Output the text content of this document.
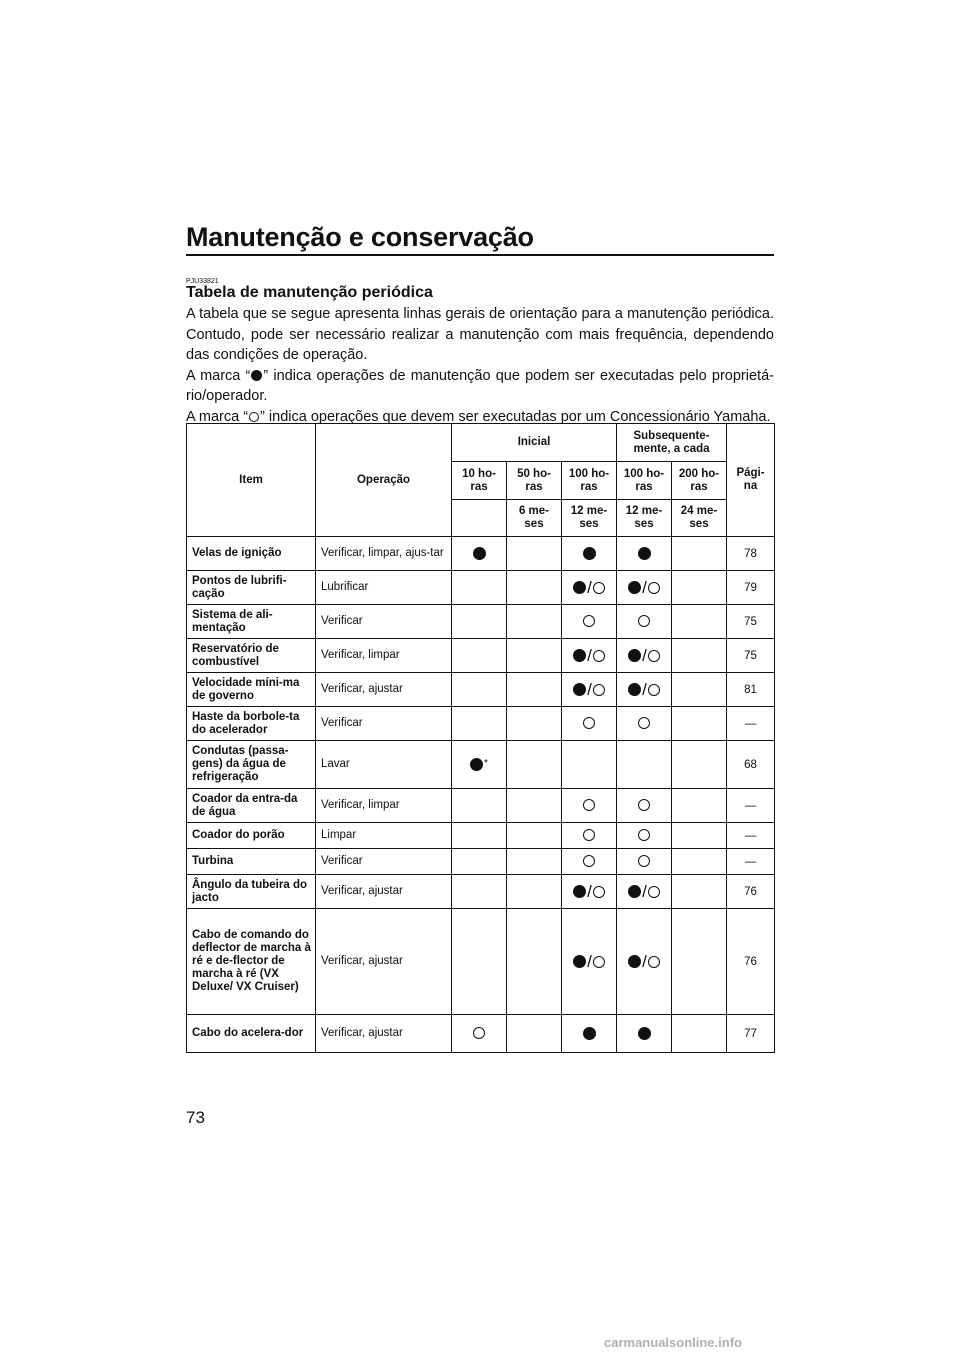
Manutenção e conservação
PJU33821
Tabela de manutenção periódica

A tabela que se segue apresenta linhas gerais de orientação para a manutenção periódica. Contudo, pode ser necessário realizar a manutenção com mais frequência, dependendo das condições de operação.

A marca “ ” indica operações de manutenção que podem ser executadas pelo proprietário/operador.

A marca “ ” indica operações que devem ser executadas por um Concessionário Yamaha.

Item	Operação	Inicial			Subsequente-mente, a cada		Pági-na
		10 ho-ras	50 ho-ras	100 ho-ras	100 ho-ras	200 ho-ras	
			6 me-ses	12 me-ses	12 me-ses	24 me-ses	
Velas de ignição	Verificar, limpar, ajus-tar						78
Pontos de lubrifi-cação	Lubrificar			/	/		79
Sistema de ali-mentação	Verificar						75
Reservatório de combustível	Verificar, limpar			/	/		75
Velocidade míni-ma de governo	Verificar, ajustar			/	/		81
Haste da borbole-ta do acelerador	Verificar						—
Condutas (passa-gens) da água de refrigeração	Lavar	*					68
Coador da entra-da de água	Verificar, limpar						—
Coador do porão	Limpar						—
Turbina	Verificar						—
Ângulo da tubeira do jacto	Verificar, ajustar			/	/		76
Cabo de comando do deflector de marcha à ré e de-flector de marcha à ré (VX Deluxe/ VX Cruiser)	Verificar, ajustar			/	/		76
Cabo do acelera-dor	Verificar, ajustar						77
73
carmanualsonline.info
